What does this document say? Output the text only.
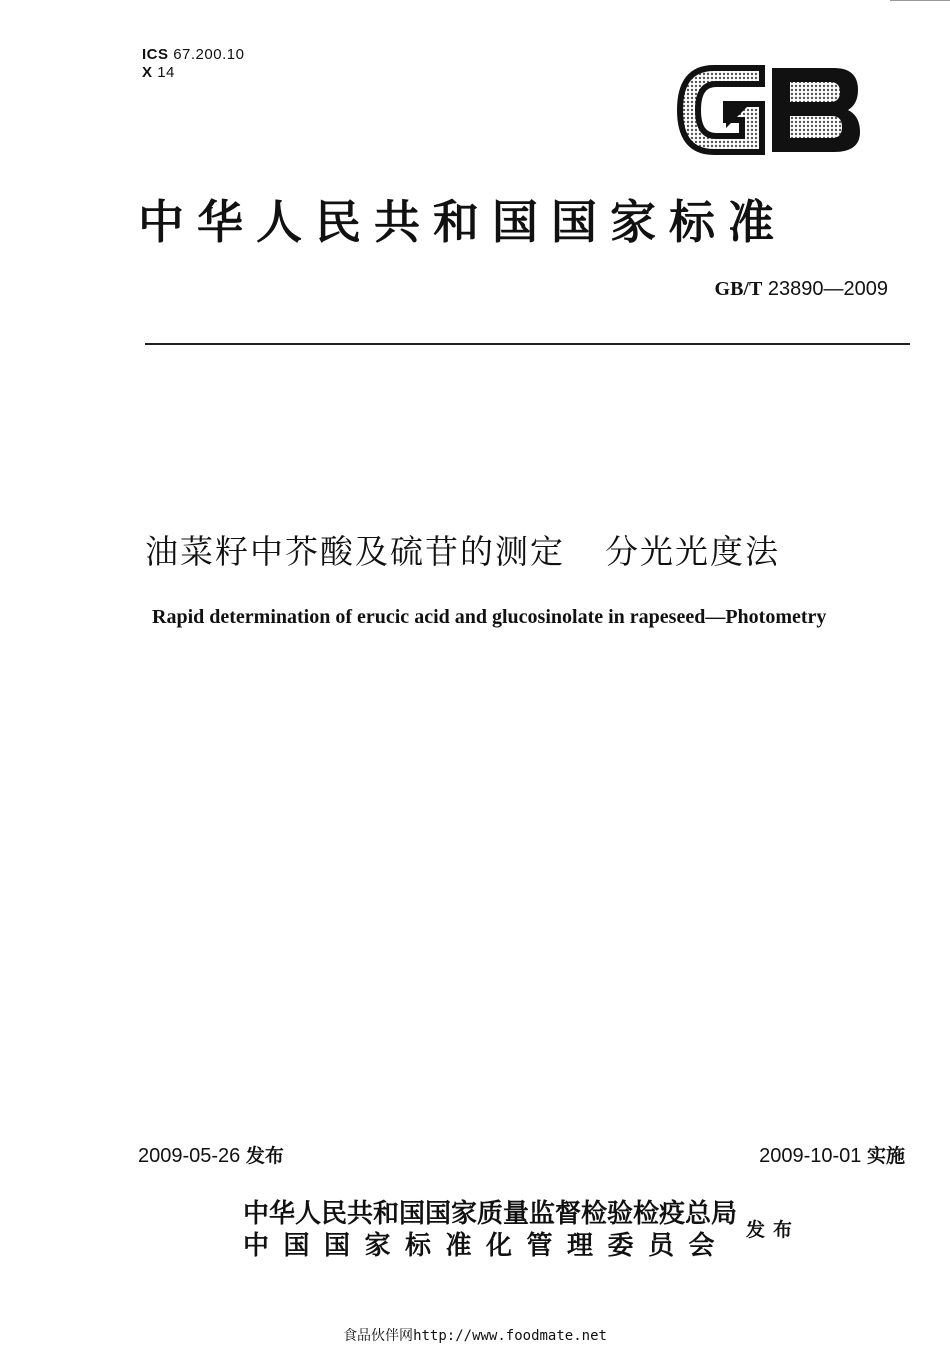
ICS 67.200.10
X 14
中华人民共和国国家标准
GB/T 23890—2009
油菜籽中芥酸及硫苷的测定 分光光度法
Rapid determination of erucic acid and glucosinolate in rapeseed—Photometry
2009-05-26 发布	2009-10-01 实施
中华人民共和国国家质量监督检验检疫总局
中国国家标准化管理委员会
发布
食品伙伴网http://www.foodmate.net
